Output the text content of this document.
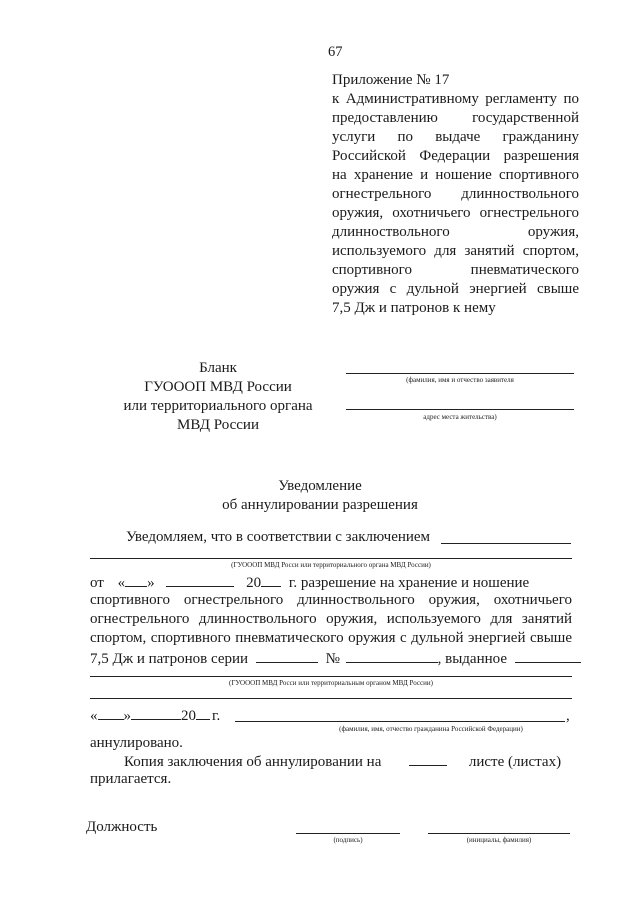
67
Приложение № 17
к Административному регламенту по
предоставлению государственной
услуги по выдаче гражданину
Российской Федерации разрешения
на хранение и ношение спортивного
огнестрельного длинноствольного
оружия, охотничьего огнестрельного
длинноствольного оружия,
используемого для занятий спортом,
спортивного пневматического
оружия с дульной энергией свыше
7,5 Дж и патронов к нему
Бланк
ГУОООП МВД России
или территориального органа
МВД России
(фамилия, имя и отчество заявителя
адрес места жительства)
Уведомление
об аннулировании разрешения
Уведомляем, что в соответствии с заключением
(ГУОООП МВД Росси или территориального органа МВД России)
от « »	20 г. разрешение на хранение и ношение
спортивного огнестрельного длинноствольного оружия, охотничьего
огнестрельного длинноствольного оружия, используемого для занятий
спортом, спортивного пневматического оружия с дульной энергией свыше
7,5 Дж и патронов серии	№	, выданное
(ГУОООП МВД Росси или территориальным органом МВД России)
« »	20 г.	,
(фамилия, имя, отчество гражданина Российской Федерации)
аннулировано.
Копия заключения об аннулировании на	листе (листах)
прилагается.
Должность
(подпись)	(инициалы, фамилия)
